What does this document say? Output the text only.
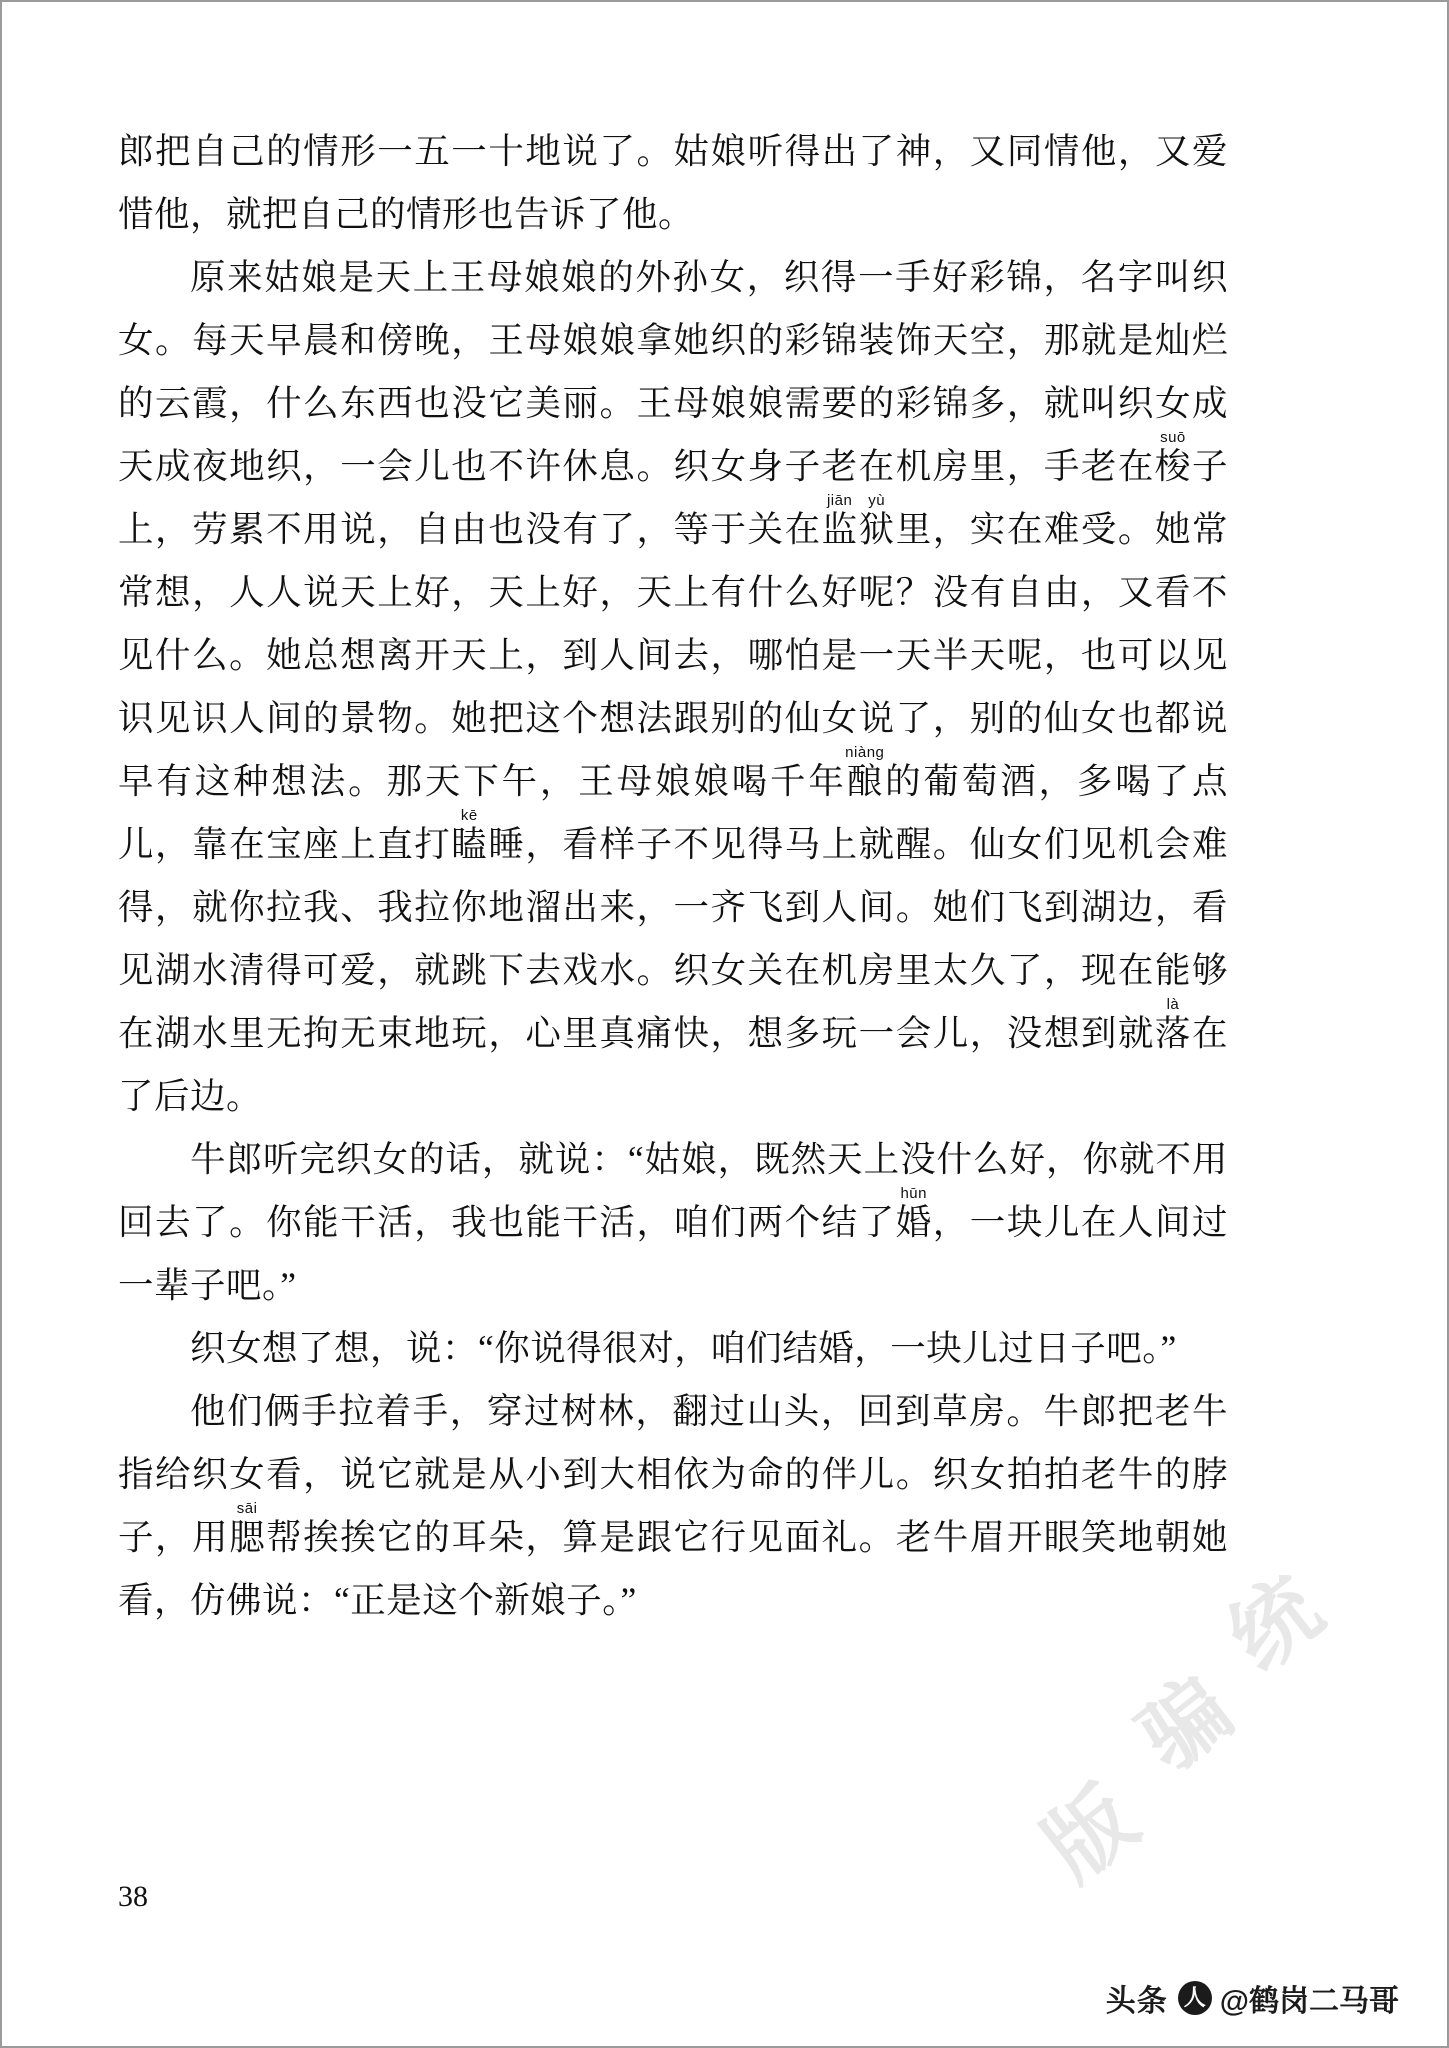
郎把自己的情形一五一十地说了。姑娘听得出了神，又同情他，又爱惜他，就把自己的情形也告诉了他。
原来姑娘是天上王母娘娘的外孙女，织得一手好彩锦，名字叫织女。每天早晨和傍晚，王母娘娘拿她织的彩锦装饰天空，那就是灿烂的云霞，什么东西也没它美丽。王母娘娘需要的彩锦多，就叫织女成天成夜地织，一会儿也不许休息。织女身子老在机房里，手老在梭suō子上，劳累不用说，自由也没有了，等于关在监jiān狱yù里，实在难受。她常常想，人人说天上好，天上好，天上有什么好呢？没有自由，又看不见什么。她总想离开天上，到人间去，哪怕是一天半天呢，也可以见识见识人间的景物。她把这个想法跟别的仙女说了，别的仙女也都说早有这种想法。那天下午，王母娘娘喝千年酿niàng的葡萄酒，多喝了点儿，靠在宝座上直打瞌kē睡，看样子不见得马上就醒。仙女们见机会难得，就你拉我、我拉你地溜出来，一齐飞到人间。她们飞到湖边，看见湖水清得可爱，就跳下去戏水。织女关在机房里太久了，现在能够在湖水里无拘无束地玩，心里真痛快，想多玩一会儿，没想到就落là在了后边。
牛郎听完织女的话，就说：“姑娘，既然天上没什么好，你就不用回去了。你能干活，我也能干活，咱们两个结了婚hūn，一块儿在人间过一辈子吧。”
织女想了想，说：“你说得很对，咱们结婚，一块儿过日子吧。”
他们俩手拉着手，穿过树林，翻过山头，回到草房。牛郎把老牛指给织女看，说它就是从小到大相依为命的伴儿。织女拍拍老牛的脖子，用腮sāi帮挨挨它的耳朵，算是跟它行见面礼。老牛眉开眼笑地朝她看，仿佛说：“正是这个新娘子。”
38
统
骗
版
头条 人 @鹤岗二马哥
